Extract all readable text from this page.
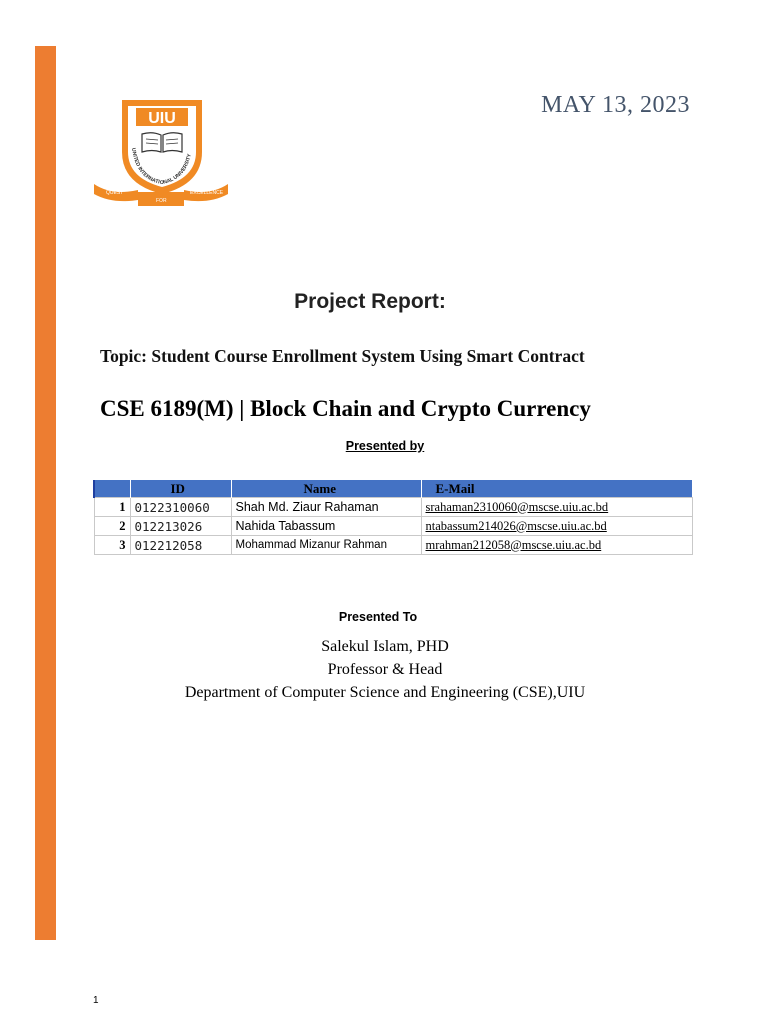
QUEST
FOR
EXCELLENCE
UIU
UNITED INTERNATIONAL UNIVERSITY
MAY 13, 2023
Project Report:
Topic: Student Course Enrollment System Using Smart Contract
CSE 6189(M) | Block Chain and Crypto Currency
Presented by
	ID	Name	E-Mail
1	0122310060	Shah Md. Ziaur Rahaman	srahaman2310060@mscse.uiu.ac.bd
2	012213026	Nahida Tabassum	ntabassum214026@mscse.uiu.ac.bd
3	012212058	Mohammad Mizanur Rahman	mrahman212058@mscse.uiu.ac.bd
Presented To
Salekul Islam, PHD
Professor & Head
Department of Computer Science and Engineering (CSE),UIU
1
